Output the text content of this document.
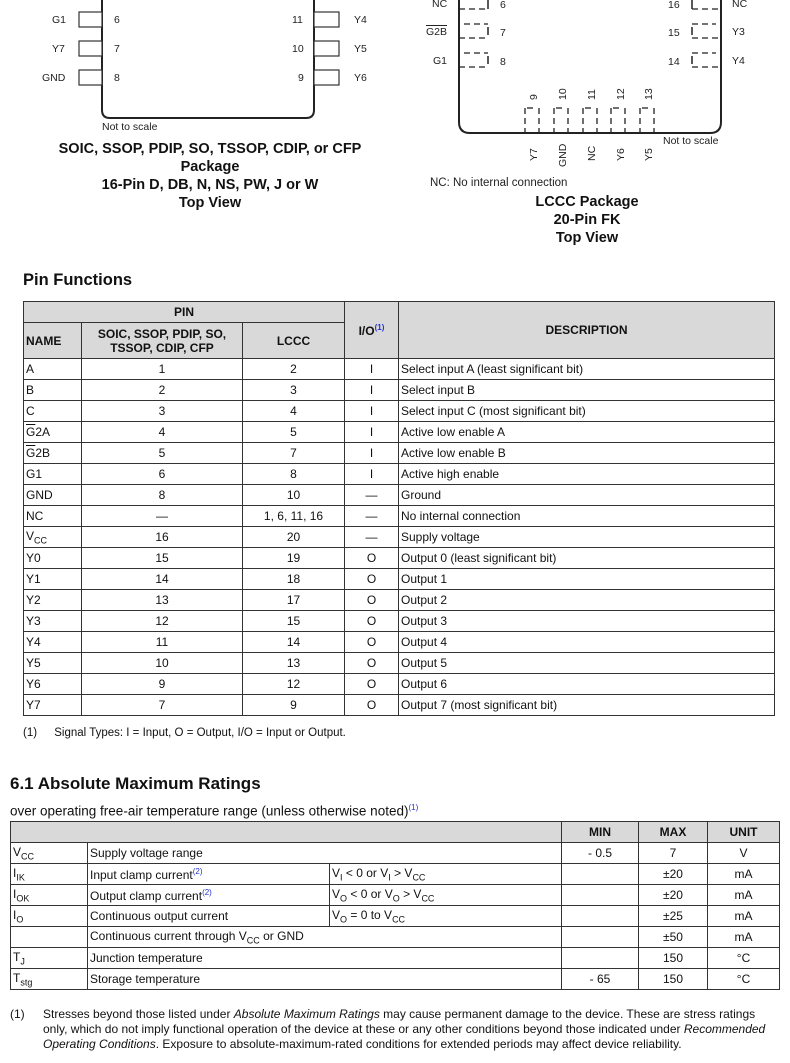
G1	6
Y7	7
GND	8
11	Y4
10	Y5
9	Y6
Not to scale
SOIC, SSOP, PDIP, SO, TSSOP, CDIP, or CFP
Package
16-Pin D, DB, N, NS, PW, J or W
Top View
6
7
8
16
15
14
9 10 11 12 13
Y7 GND NC Y6 Y5
NC
G2B
G1
NC
Y3
Y4
Not to scale
NC: No internal connection
LCCC Package
20-Pin FK
Top View
Pin Functions
PIN			I/O$^{(1)}$	DESCRIPTION
NAME	SOIC, SSOP, PDIP, SO, TSSOP, CDIP, CFP	LCCC		
A	1	2	I	Select input A (least significant bit)
B	2	3	I	Select input B
C	3	4	I	Select input C (most significant bit)
$\overline{G}2A$	4	5	I	Active low enable A
$\overline{G}2B$	5	7	I	Active low enable B
G1	6	8	I	Active high enable
GND	8	10	—	Ground
NC	—	1, 6, 11, 16	—	No internal connection
$V_{CC}$	16	20	—	Supply voltage
Y0	15	19	O	Output 0 (least significant bit)
Y1	14	18	O	Output 1
Y2	13	17	O	Output 2
Y3	12	15	O	Output 3
Y4	11	14	O	Output 4
Y5	10	13	O	Output 5
Y6	9	12	O	Output 6
Y7	7	9	O	Output 7 (most significant bit)
(1) Signal Types: I = Input, O = Output, I/O = Input or Output.
6.1 Absolute Maximum Ratings
over operating free-air temperature range (unless otherwise noted)$^{(1)}$
			MIN	MAX	UNIT
$V_{CC}$	Supply voltage range		- 0.5	7	V
$I_{IK}$	Input clamp current$^{(2)}$	$V_I < 0$ or $V_I > V_{CC}$		±20	mA
$I_{OK}$	Output clamp current$^{(2)}$	$V_O < 0$ or $V_O > V_{CC}$		±20	mA
$I_O$	Continuous output current	$V_O = 0$ to $V_{CC}$		±25	mA
	Continuous current through $V_{CC}$ or GND			±50	mA
$T_J$	Junction temperature			150	°C
$T_{stg}$	Storage temperature		- 65	150	°C
(1) Stresses beyond those listed under Absolute Maximum Ratings may cause permanent damage to the device. These are stress ratings only, which do not imply functional operation of the device at these or any other conditions beyond those indicated under Recommended Operating Conditions. Exposure to absolute-maximum-rated conditions for extended periods may affect device reliability.
